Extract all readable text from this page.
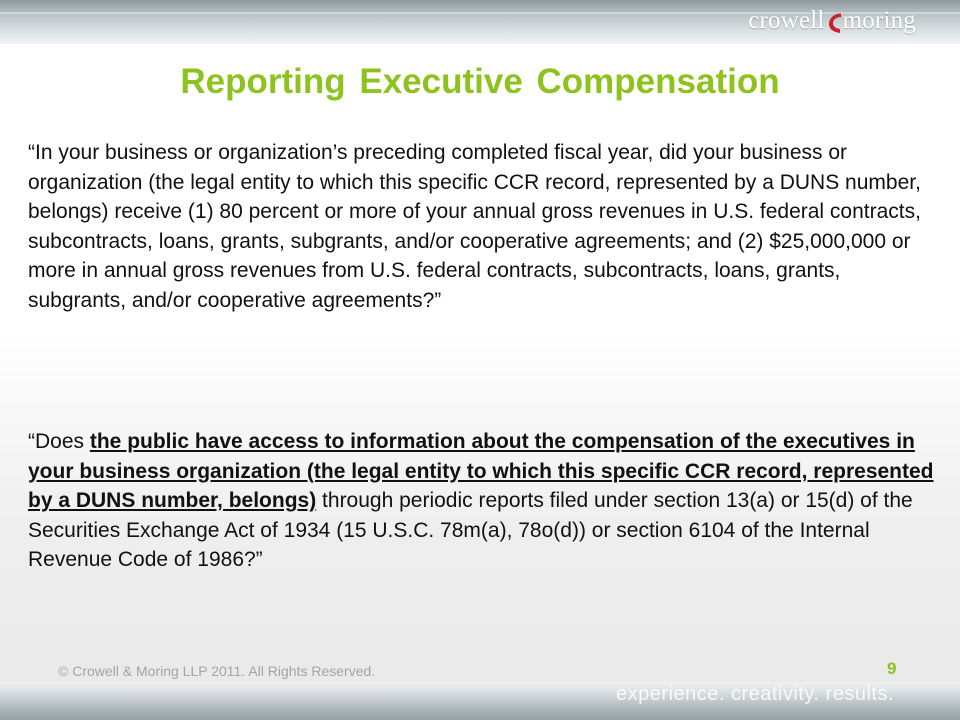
crowell moring
Reporting Executive Compensation

“In your business or organization’s preceding completed fiscal year, did your business or organization (the legal entity to which this specific CCR record, represented by a DUNS number, belongs) receive (1) 80 percent or more of your annual gross revenues in U.S. federal contracts, subcontracts, loans, grants, subgrants, and/or cooperative agreements; and (2) $25,000,000 or more in annual gross revenues from U.S. federal contracts, subcontracts, loans, grants, subgrants, and/or cooperative agreements?”

“Does the public have access to information about the compensation of the executives in your business organization (the legal entity to which this specific CCR record, represented by a DUNS number, belongs) through periodic reports filed under section 13(a) or 15(d) of the Securities Exchange Act of 1934 (15 U.S.C. 78m(a), 78o(d)) or section 6104 of the Internal Revenue Code of 1986?”

© Crowell & Moring LLP 2011. All Rights Reserved.	9
experience. creativity. results.
